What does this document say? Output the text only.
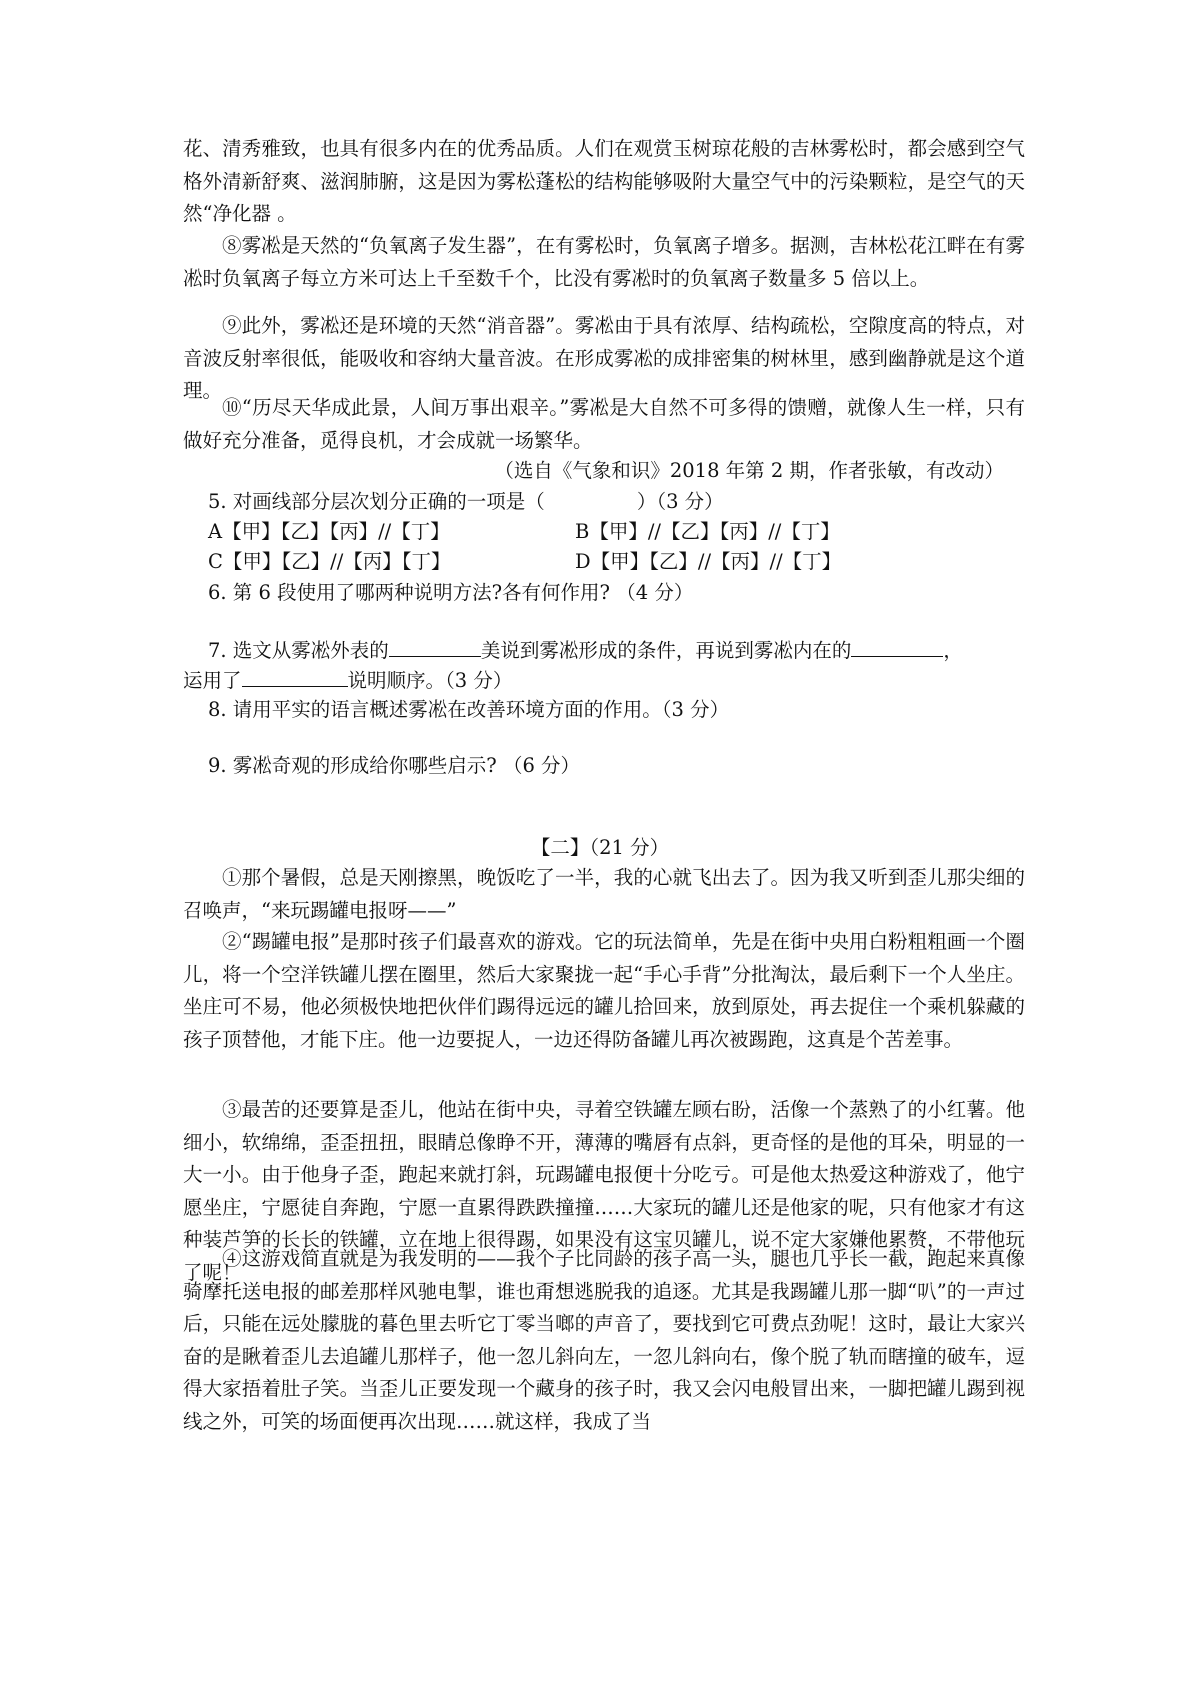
花、清秀雅致，也具有很多内在的优秀品质。人们在观赏玉树琼花般的吉林雾松时，都会感到空气格外清新舒爽、滋润肺腑，这是因为雾松蓬松的结构能够吸附大量空气中的污染颗粒，是空气的天然“净化器 。

⑧雾凇是天然的“负氧离子发生器”，在有雾松时，负氧离子增多。据测，吉林松花江畔在有雾凇时负氧离子每立方米可达上千至数千个，比没有雾凇时的负氧离子数量多 5 倍以上。

⑨此外，雾凇还是环境的天然“消音器”。雾凇由于具有浓厚、结构疏松，空隙度高的特点，对音波反射率很低，能吸收和容纳大量音波。在形成雾凇的成排密集的树林里，感到幽静就是这个道理。

⑩“历尽天华成此景，人间万事出艰辛。”雾凇是大自然不可多得的馈赠，就像人生一样，只有做好充分准备，觅得良机，才会成就一场繁华。

（选自《气象和识》2018 年第 2 期，作者张敏，有改动）
5. 对画线部分层次划分正确的一项是（	）（3 分）
A【甲】【乙】【丙】//【丁】	B【甲】//【乙】【丙】//【丁】
C【甲】【乙】//【丙】【丁】	D【甲】【乙】//【丙】//【丁】
6. 第 6 段使用了哪两种说明方法?各有何作用? （4 分）
7. 选文从雾凇外表的	美说到雾凇形成的条件，再说到雾凇内在的	，
运用了	说明顺序。（3 分）
8. 请用平实的语言概述雾凇在改善环境方面的作用。（3 分）
9. 雾凇奇观的形成给你哪些启示? （6 分）
【二】（21 分）

①那个暑假，总是天刚擦黑，晚饭吃了一半，我的心就飞出去了。因为我又听到歪儿那尖细的召唤声，“来玩踢罐电报呀——”

②“踢罐电报”是那时孩子们最喜欢的游戏。它的玩法简单，先是在街中央用白粉粗粗画一个圈儿，将一个空洋铁罐儿摆在圈里，然后大家聚拢一起“手心手背”分批淘汰，最后剩下一个人坐庄。坐庄可不易，他必须极快地把伙伴们踢得远远的罐儿拾回来，放到原处，再去捉住一个乘机躲藏的孩子顶替他，才能下庄。他一边要捉人，一边还得防备罐儿再次被踢跑，这真是个苦差事。

③最苦的还要算是歪儿，他站在街中央，寻着空铁罐左顾右盼，活像一个蒸熟了的小红薯。他细小，软绵绵，歪歪扭扭，眼睛总像睁不开，薄薄的嘴唇有点斜，更奇怪的是他的耳朵，明显的一大一小。由于他身子歪，跑起来就打斜，玩踢罐电报便十分吃亏。可是他太热爱这种游戏了，他宁愿坐庄，宁愿徒自奔跑，宁愿一直累得跌跌撞撞……大家玩的罐儿还是他家的呢，只有他家才有这种装芦笋的长长的铁罐，立在地上很得踢，如果没有这宝贝罐儿，说不定大家嫌他累赘，不带他玩了呢！

④这游戏简直就是为我发明的——我个子比同龄的孩子高一头，腿也几乎长一截，跑起来真像骑摩托送电报的邮差那样风驰电掣，谁也甭想逃脱我的追逐。尤其是我踢罐儿那一脚“叭”的一声过后，只能在远处朦胧的暮色里去听它丁零当啷的声音了，要找到它可费点劲呢！这时，最让大家兴奋的是瞅着歪儿去追罐儿那样子，他一忽儿斜向左，一忽儿斜向右，像个脱了轨而瞎撞的破车，逗得大家捂着肚子笑。当歪儿正要发现一个藏身的孩子时，我又会闪电般冒出来，一脚把罐儿踢到视线之外，可笑的场面便再次出现……就这样，我成了当
